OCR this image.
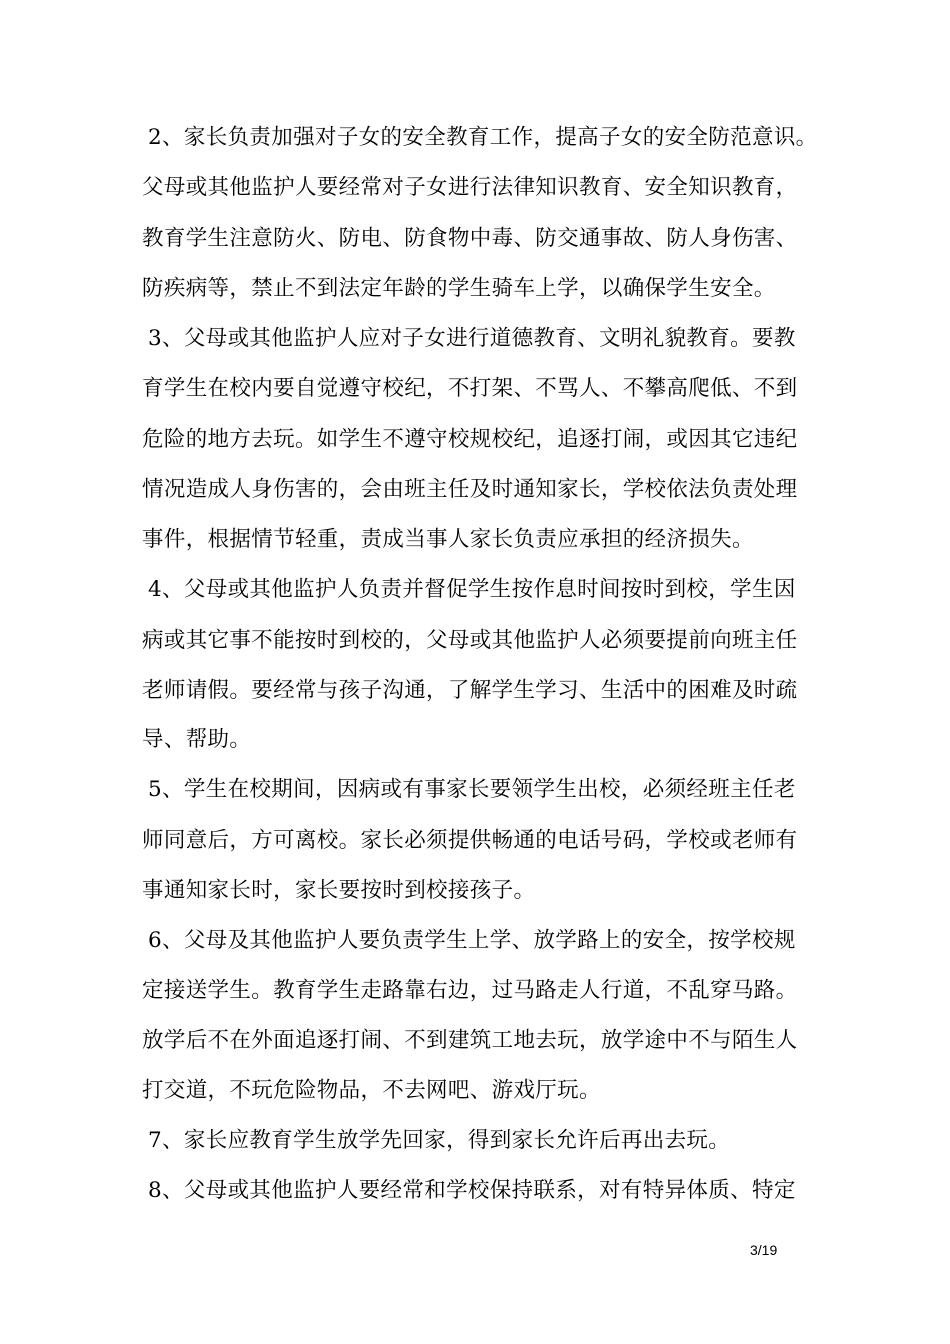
2、家长负责加强对子女的安全教育工作，提高子女的安全防范意识。
父母或其他监护人要经常对子女进行法律知识教育、安全知识教育，
教育学生注意防火、防电、防食物中毒、防交通事故、防人身伤害、
防疾病等，禁止不到法定年龄的学生骑车上学，以确保学生安全。
3、父母或其他监护人应对子女进行道德教育、文明礼貌教育。要教
育学生在校内要自觉遵守校纪，不打架、不骂人、不攀高爬低、不到
危险的地方去玩。如学生不遵守校规校纪，追逐打闹，或因其它违纪
情况造成人身伤害的，会由班主任及时通知家长，学校依法负责处理
事件，根据情节轻重，责成当事人家长负责应承担的经济损失。
4、父母或其他监护人负责并督促学生按作息时间按时到校，学生因
病或其它事不能按时到校的，父母或其他监护人必须要提前向班主任
老师请假。要经常与孩子沟通，了解学生学习、生活中的困难及时疏
导、帮助。
5、学生在校期间，因病或有事家长要领学生出校，必须经班主任老
师同意后，方可离校。家长必须提供畅通的电话号码，学校或老师有
事通知家长时，家长要按时到校接孩子。
6、父母及其他监护人要负责学生上学、放学路上的安全，按学校规
定接送学生。教育学生走路靠右边，过马路走人行道，不乱穿马路。
放学后不在外面追逐打闹、不到建筑工地去玩，放学途中不与陌生人
打交道，不玩危险物品，不去网吧、游戏厅玩。
7、家长应教育学生放学先回家，得到家长允许后再出去玩。
8、父母或其他监护人要经常和学校保持联系，对有特异体质、特定
3/19
